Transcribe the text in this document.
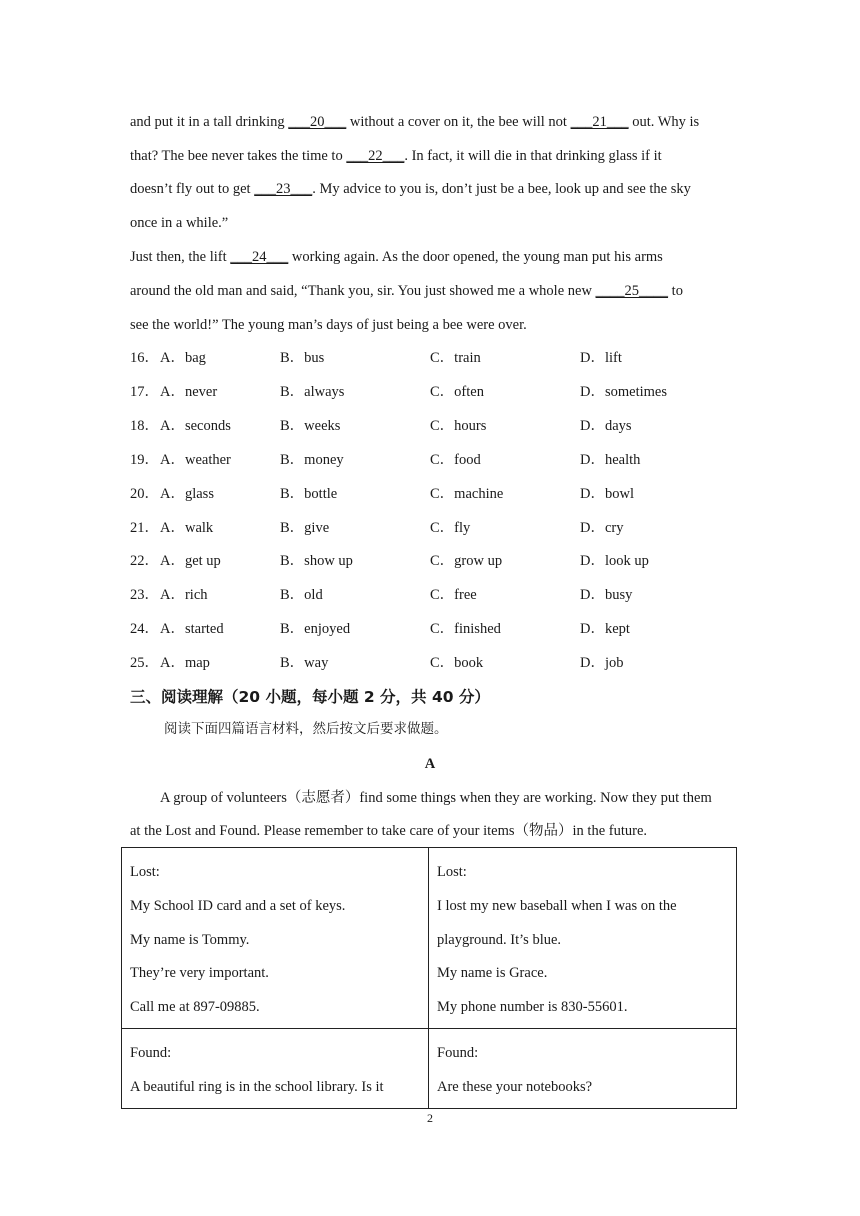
and put it in a tall drinking ___20___ without a cover on it, the bee will not ___21___ out. Why is
that? The bee never takes the time to ___22___. In fact, it will die in that drinking glass if it
doesn’t fly out to get ___23___. My advice to you is, don’t just be a bee, look up and see the sky
once in a while.”
Just then, the lift ___24___ working again. As the door opened, the young man put his arms
around the old man and said, “Thank you, sir. You just showed me a whole new ____25____ to
see the world!” The young man’s days of just being a bee were over.
16． A．bag	B．bus	C．train	D．lift
17． A．never	B．always	C．often	D．sometimes
18． A．seconds	B．weeks	C．hours	D．days
19． A．weather	B．money	C．food	D．health
20． A．glass	B．bottle	C．machine	D．bowl
21． A．walk	B．give	C．fly	D．cry
22． A．get up	B．show up	C．grow up	D．look up
23． A．rich	B．old	C．free	D．busy
24． A．started	B．enjoyed	C．finished	D．kept
25． A．map	B．way	C．book	D．job
三、阅读理解（20 小题，每小题 2 分，共 40 分）
阅读下面四篇语言材料，然后按文后要求做题。
A
A group of volunteers（志愿者）find some things when they are working. Now they put them
at the Lost and Found. Please remember to take care of your items（物品）in the future.
Lost:
My School ID card and a set of keys.
My name is Tommy.
They’re very important.
Call me at 897-09885.
Lost:
I lost my new baseball when I was on the
playground. It’s blue.
My name is Grace.
My phone number is 830-55601.
Found:
A beautiful ring is in the school library. Is it
Found:
Are these your notebooks?
2
